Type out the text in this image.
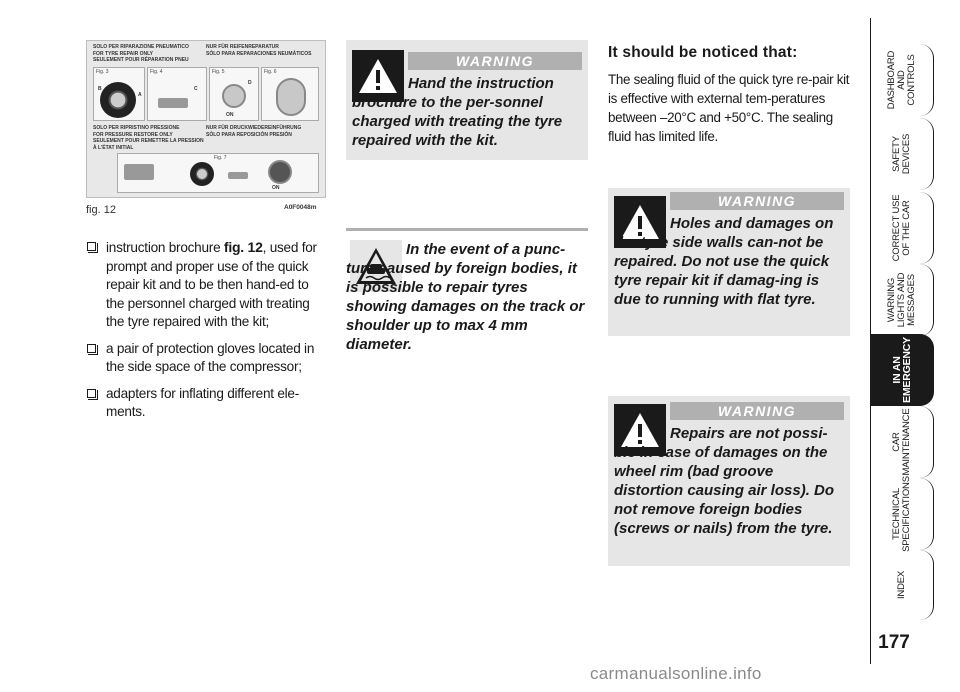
SOLO PER RIPARAZIONE PNEUMATICO
FOR TYRE REPAIR ONLY
SEULEMENT POUR RÉPARATION PNEU
NUR FÜR REIFENREPARATUR
SÓLO PARA REPARACIONES NEUMÁTICOS
Fig. 3
B
A
Fig. 4
C
Fig. 5
D
ON
Fig. 6
SOLO PER RIPRISTINO PRESSIONE
FOR PRESSURE RESTORE ONLY
SEULEMENT POUR REMETTRE LA PRESSION À L'ÉTAT INITIAL
NUR FÜR DRUCKWIEDEREINFÜHRUNG
SÓLO PARA REPOSICIÓN PRESIÓN
Fig. 7
ON
fig. 12	A0F0048m
instruction brochure fig. 12, used for prompt and proper use of the quick repair kit and to be then hand-ed to the personnel charged with treating the tyre repaired with the kit;
a pair of protection gloves located in the side space of the compressor;
adapters for inflating different ele-ments.
WARNING
Hand the instruction brochure to the per-sonnel charged with treating the tyre repaired with the kit.
In the event of a punc-ture caused by foreign bodies, it is possible to repair tyres showing damages on the track or shoulder up to max 4 mm diameter.
It should be noticed that:
The sealing fluid of the quick tyre re-pair kit is effective with external tem-peratures between –20°C and +50°C. The sealing fluid has limited life.
WARNING
Holes and damages on the tyre side walls can-not be repaired. Do not use the quick tyre repair kit if damag-ing is due to running with flat tyre.
WARNING
Repairs are not possi-ble in case of damages on the wheel rim (bad groove distortion causing air loss). Do not remove foreign bodies (screws or nails) from the tyre.
DASHBOARD
AND
CONTROLS
SAFETY
DEVICES
CORRECT USE
OF THE CAR
WARNING
LIGHTS AND
MESSAGES
IN AN
EMERGENCY
CAR
MAINTENANCE
TECHNICAL
SPECIFICATIONS
INDEX
177
carmanualsonline.info
